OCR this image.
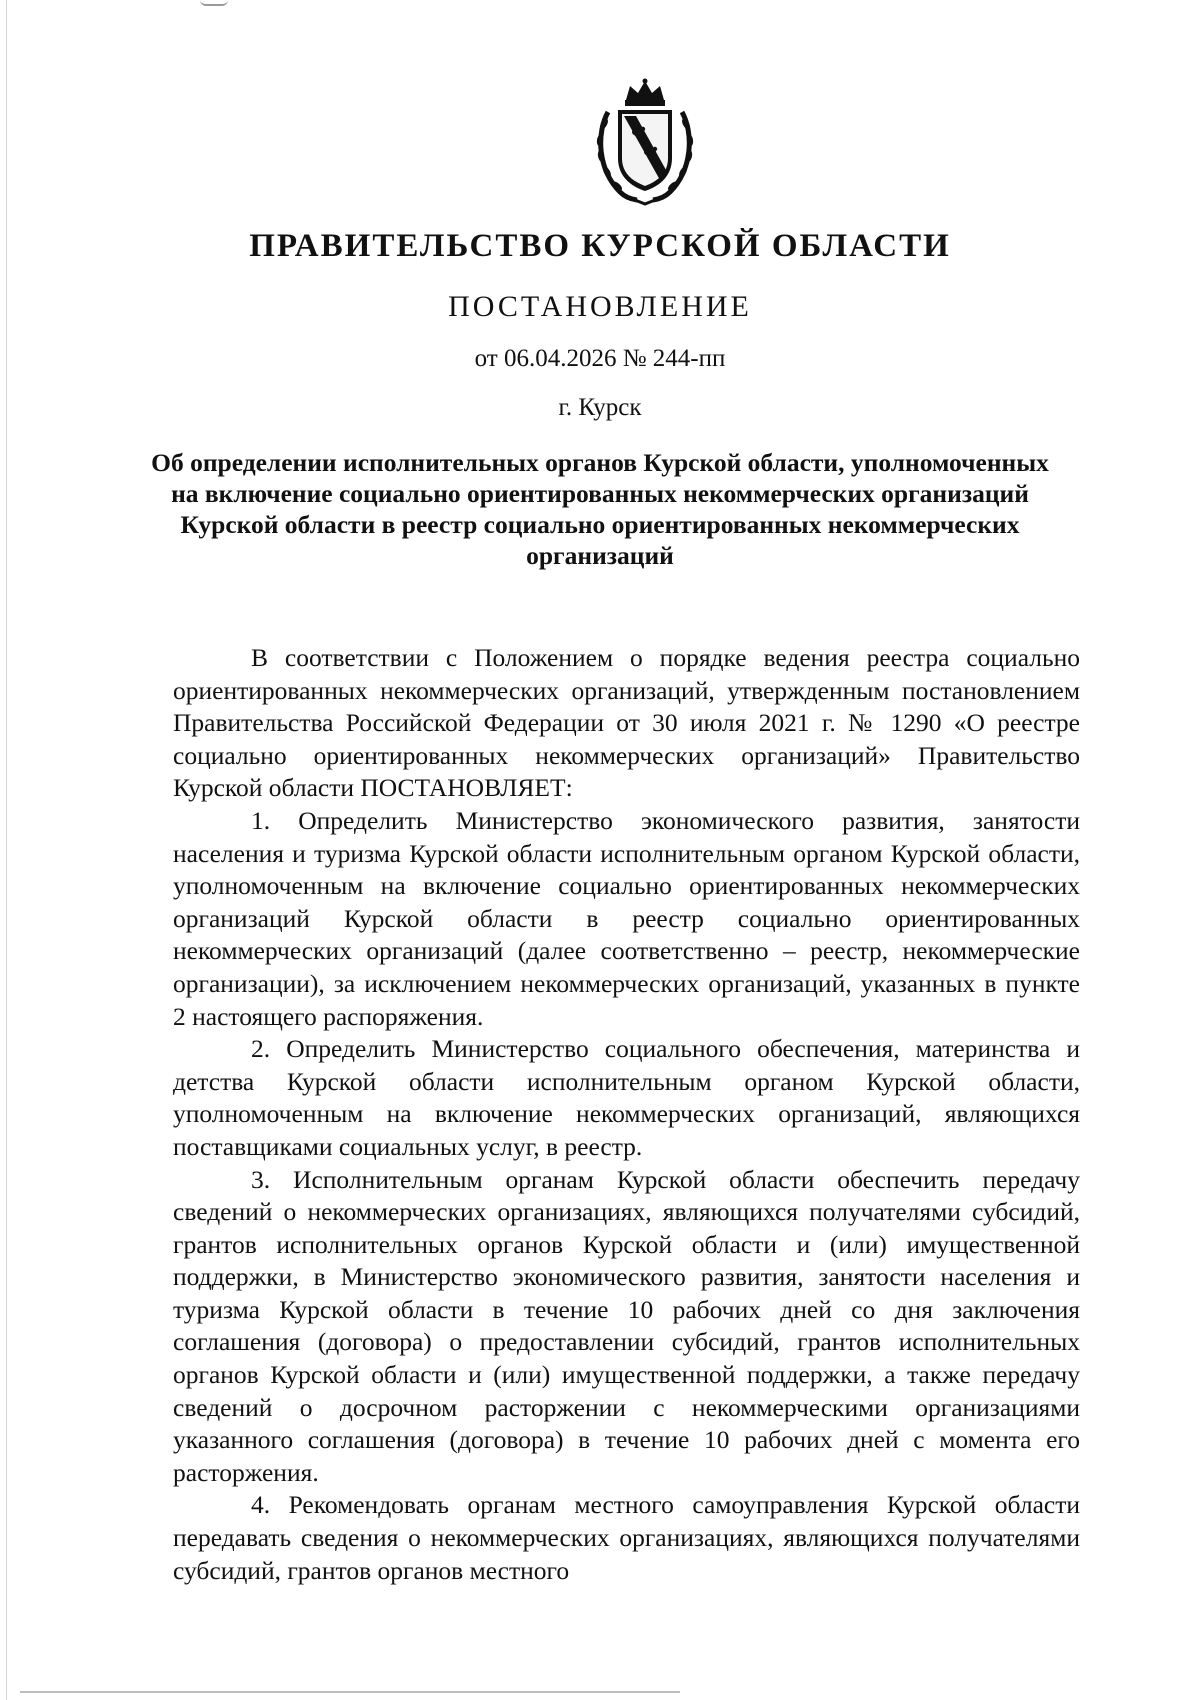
ПРАВИТЕЛЬСТВО КУРСКОЙ ОБЛАСТИ
ПОСТАНОВЛЕНИЕ
от 06.04.2026 № 244-пп
г. Курск
Об определении исполнительных органов Курской области, уполномоченных на включение социально ориентированных некоммерческих организаций Курской области в реестр социально ориентированных некоммерческих организаций

В соответствии с Положением о порядке ведения реестра социально ориентированных некоммерческих организаций, утвержденным постановлением Правительства Российской Федерации от 30 июля 2021 г. № 1290 «О реестре социально ориентированных некоммерческих организаций» Правительство Курской области ПОСТАНОВЛЯЕТ:

1. Определить Министерство экономического развития, занятости населения и туризма Курской области исполнительным органом Курской области, уполномоченным на включение социально ориентированных некоммерческих организаций Курской области в реестр социально ориентированных некоммерческих организаций (далее соответственно – реестр, некоммерческие организации), за исключением некоммерческих организаций, указанных в пункте 2 настоящего распоряжения.

2. Определить Министерство социального обеспечения, материнства и детства Курской области исполнительным органом Курской области, уполномоченным на включение некоммерческих организаций, являющихся поставщиками социальных услуг, в реестр.

3. Исполнительным органам Курской области обеспечить передачу сведений о некоммерческих организациях, являющихся получателями субсидий, грантов исполнительных органов Курской области и (или) имущественной поддержки, в Министерство экономического развития, занятости населения и туризма Курской области в течение 10 рабочих дней со дня заключения соглашения (договора) о предоставлении субсидий, грантов исполнительных органов Курской области и (или) имущественной поддержки, а также передачу сведений о досрочном расторжении с некоммерческими организациями указанного соглашения (договора) в течение 10 рабочих дней с момента его расторжения.

4. Рекомендовать органам местного самоуправления Курской области передавать сведения о некоммерческих организациях, являющихся получателями субсидий, грантов органов местного
